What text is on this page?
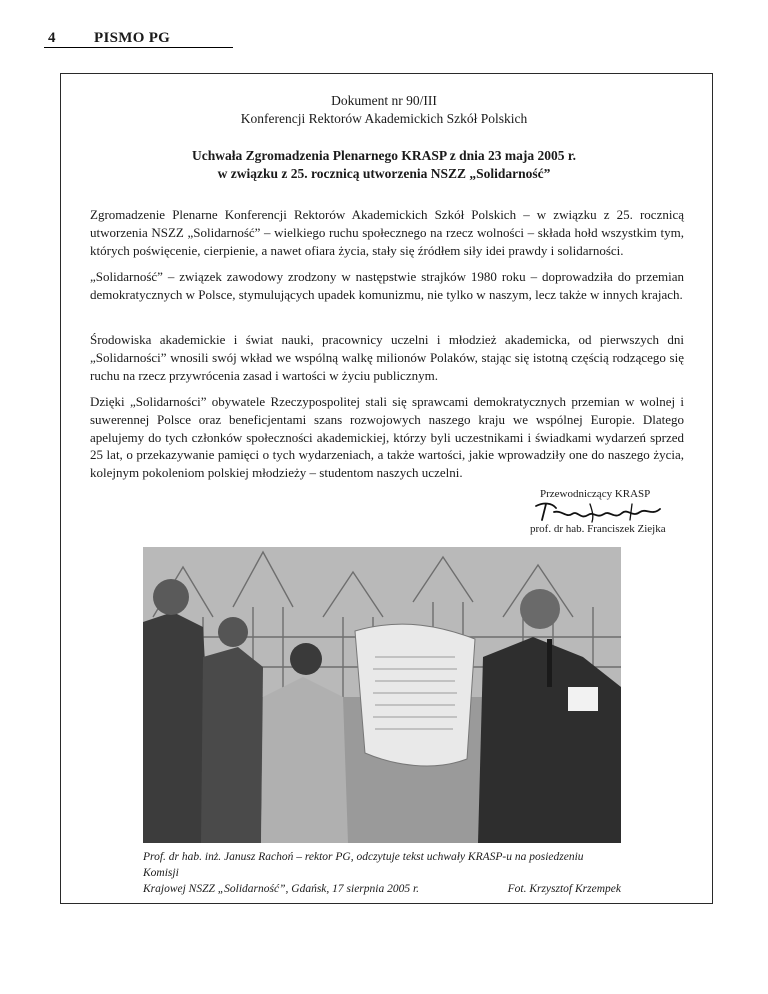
4	PISMO PG
Dokument nr 90/III
Konferencji Rektorów Akademickich Szkół Polskich
Uchwała Zgromadzenia Plenarnego KRASP z dnia 23 maja 2005 r.
w związku z 25. rocznicą utworzenia NSZZ „Solidarność”

Zgromadzenie Plenarne Konferencji Rektorów Akademickich Szkół Polskich – w związku z 25. rocznicą utworzenia NSZZ „Solidarność” – wielkiego ruchu społecznego na rzecz wolności – składa hołd wszystkim tym, których poświęcenie, cierpienie, a nawet ofiara życia, stały się źródłem siły idei prawdy i solidarności.

„Solidarność” – związek zawodowy zrodzony w następstwie strajków 1980 roku – doprowadziła do przemian demokratycznych w Polsce, stymulujących upadek komunizmu, nie tylko w naszym, lecz także w innych krajach.

Środowiska akademickie i świat nauki, pracownicy uczelni i młodzież akademicka, od pierwszych dni „Solidarności” wnosili swój wkład we wspólną walkę milionów Polaków, stając się istotną częścią rodzącego się ruchu na rzecz przywrócenia zasad i wartości w życiu publicznym.

Dzięki „Solidarności” obywatele Rzeczypospolitej stali się sprawcami demokratycznych przemian w wolnej i suwerennej Polsce oraz beneficjentami szans rozwojowych naszego kraju we wspólnej Europie. Dlatego apelujemy do tych członków społeczności akademickiej, którzy byli uczestnikami i świadkami wydarzeń sprzed 25 lat, o przekazywanie pamięci o tych wydarzeniach, a także wartości, jakie wprowadziły one do naszego życia, kolejnym pokoleniom polskiej młodzieży – studentom naszych uczelni.

Przewodniczący KRASP
prof. dr hab. Franciszek Ziejka

Prof. dr hab. inż. Janusz Rachoń – rektor PG, odczytuje tekst uchwały KRASP-u na posiedzeniu Komisji
Krajowej NSZZ „Solidarność”, Gdańsk, 17 sierpnia 2005 r.	Fot. Krzysztof Krzempek
